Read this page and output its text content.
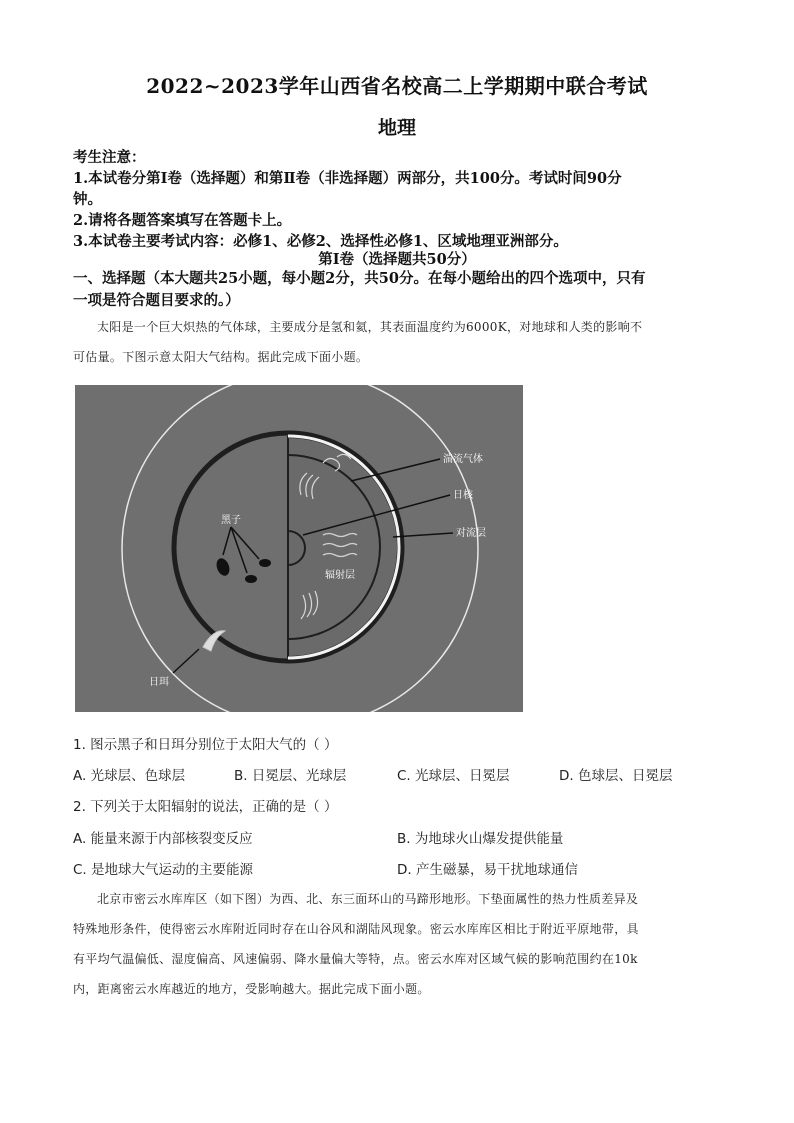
2022~2023学年山西省名校高二上学期期中联合考试
地理
考生注意：
1.本试卷分第Ⅰ卷（选择题）和第Ⅱ卷（非选择题）两部分，共100分。考试时间90分
钟。
2.请将各题答案填写在答题卡上。
3.本试卷主要考试内容：必修1、必修2、选择性必修1、区域地理亚洲部分。
第Ⅰ卷（选择题共50分）
一、选择题（本大题共25小题，每小题2分，共50分。在每小题给出的四个选项中，只有
一项是符合题目要求的。）
太阳是一个巨大炽热的气体球，主要成分是氢和氦，其表面温度约为6000K，对地球和人类的影响不
可估量。下图示意太阳大气结构。据此完成下面小题。
湍流气体
日核
对流层
黑子
辐射层
日珥
1. 图示黑子和日珥分别位于太阳大气的（ ）
A. 光球层、色球层	B. 日冕层、光球层	C. 光球层、日冕层	D. 色球层、日冕层
2. 下列关于太阳辐射的说法，正确的是（ ）
A. 能量来源于内部核裂变反应	B. 为地球火山爆发提供能量
C. 是地球大气运动的主要能源	D. 产生磁暴，易干扰地球通信
北京市密云水库库区（如下图）为西、北、东三面环山的马蹄形地形。下垫面属性的热力性质差异及
特殊地形条件，使得密云水库附近同时存在山谷风和湖陆风现象。密云水库库区相比于附近平原地带，具
有平均气温偏低、湿度偏高、风速偏弱、降水量偏大等特，点。密云水库对区域气候的影响范围约在10k
内，距离密云水库越近的地方，受影响越大。据此完成下面小题。
